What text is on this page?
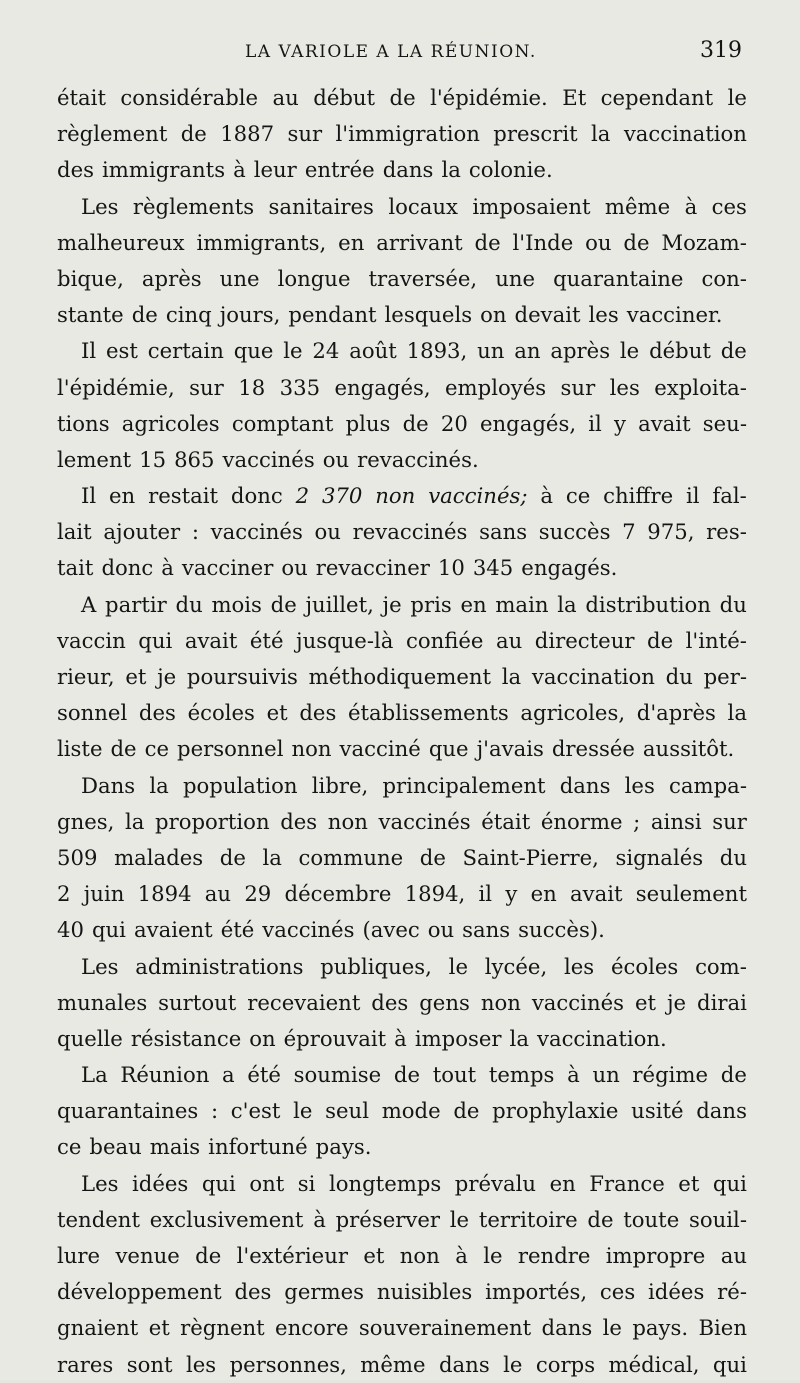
LA VARIOLE A LA RÉUNION.	319
était considérable au début de l'épidémie. Et cependant le
règlement de 1887 sur l'immigration prescrit la vaccination
des immigrants à leur entrée dans la colonie.
Les règlements sanitaires locaux imposaient même à ces
malheureux immigrants, en arrivant de l'Inde ou de Mozam-
bique, après une longue traversée, une quarantaine con-
stante de cinq jours, pendant lesquels on devait les vacciner.
Il est certain que le 24 août 1893, un an après le début de
l'épidémie, sur 18 335 engagés, employés sur les exploita-
tions agricoles comptant plus de 20 engagés, il y avait seu-
lement 15 865 vaccinés ou revaccinés.
Il en restait donc 2 370 non vaccinés; à ce chiffre il fal-
lait ajouter : vaccinés ou revaccinés sans succès 7 975, res-
tait donc à vacciner ou revacciner 10 345 engagés.
A partir du mois de juillet, je pris en main la distribution du
vaccin qui avait été jusque-là confiée au directeur de l'inté-
rieur, et je poursuivis méthodiquement la vaccination du per-
sonnel des écoles et des établissements agricoles, d'après la
liste de ce personnel non vacciné que j'avais dressée aussitôt.
Dans la population libre, principalement dans les campa-
gnes, la proportion des non vaccinés était énorme ; ainsi sur
509 malades de la commune de Saint-Pierre, signalés du
2 juin 1894 au 29 décembre 1894, il y en avait seulement
40 qui avaient été vaccinés (avec ou sans succès).
Les administrations publiques, le lycée, les écoles com-
munales surtout recevaient des gens non vaccinés et je dirai
quelle résistance on éprouvait à imposer la vaccination.
La Réunion a été soumise de tout temps à un régime de
quarantaines : c'est le seul mode de prophylaxie usité dans
ce beau mais infortuné pays.
Les idées qui ont si longtemps prévalu en France et qui
tendent exclusivement à préserver le territoire de toute souil-
lure venue de l'extérieur et non à le rendre impropre au
développement des germes nuisibles importés, ces idées ré-
gnaient et règnent encore souverainement dans le pays. Bien
rares sont les personnes, même dans le corps médical, qui
